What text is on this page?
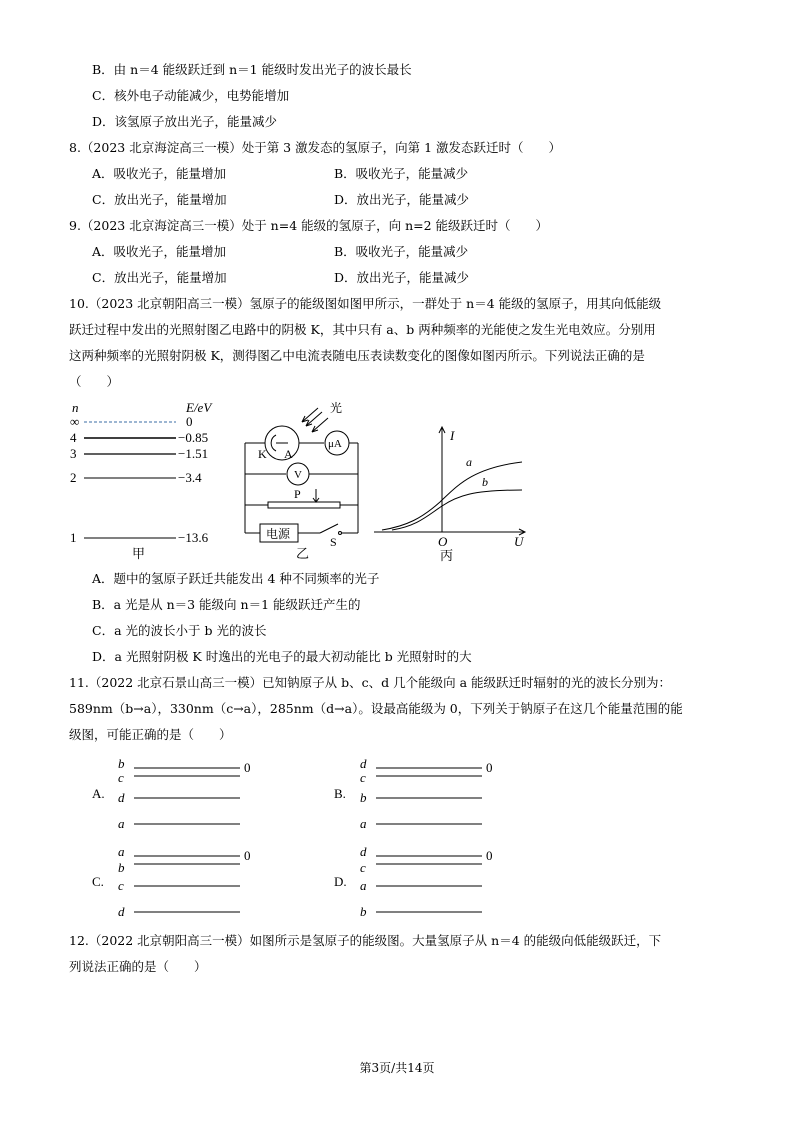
B．由 n＝4 能级跃迁到 n＝1 能级时发出光子的波长最长
C．核外电子动能减少，电势能增加
D．该氢原子放出光子，能量减少
8.（2023 北京海淀高三一模）处于第 3 激发态的氢原子，向第 1 激发态跃迁时（　　）
A．吸收光子，能量增加	B．吸收光子，能量减少
C．放出光子，能量增加	D．放出光子，能量减少
9.（2023 北京海淀高三一模）处于 n=4 能级的氢原子，向 n=2 能级跃迁时（　　）
A．吸收光子，能量增加	B．吸收光子，能量减少
C．放出光子，能量增加	D．放出光子，能量减少
10.（2023 北京朝阳高三一模）氢原子的能级图如图甲所示，一群处于 n＝4 能级的氢原子，用其向低能级
跃迁过程中发出的光照射图乙电路中的阴极 K，其中只有 a、b 两种频率的光能使之发生光电效应。分别用
这两种频率的光照射阴极 K，测得图乙中电流表随电压表读数变化的图像如图丙所示。下列说法正确的是
（　　）
n	E/eV
∞	0
4	−0.85
3	−1.51
2	−3.4
1	−13.6
甲
光
μA
K A
V
P
电源
S
乙
I
U
O
a
b
丙
A．题中的氢原子跃迁共能发出 4 种不同频率的光子
B．a 光是从 n＝3 能级向 n＝1 能级跃迁产生的
C．a 光的波长小于 b 光的波长
D．a 光照射阴极 K 时逸出的光电子的最大初动能比 b 光照射时的大
11.（2022 北京石景山高三一模）已知钠原子从 b、c、d 几个能级向 a 能级跃迁时辐射的光的波长分别为：
589nm（b→a），330nm（c→a），285nm（d→a）。设最高能级为 0，下列关于钠原子在这几个能量范围的能
级图，可能正确的是（　　）
A.
b	0
c
d
a
B.
d	0
c
b
a
C.
a	0
b
c
d
D.
d	0
c
a
b
12.（2022 北京朝阳高三一模）如图所示是氢原子的能级图。大量氢原子从 n＝4 的能级向低能级跃迁，下
列说法正确的是（　　）
第3页/共14页
